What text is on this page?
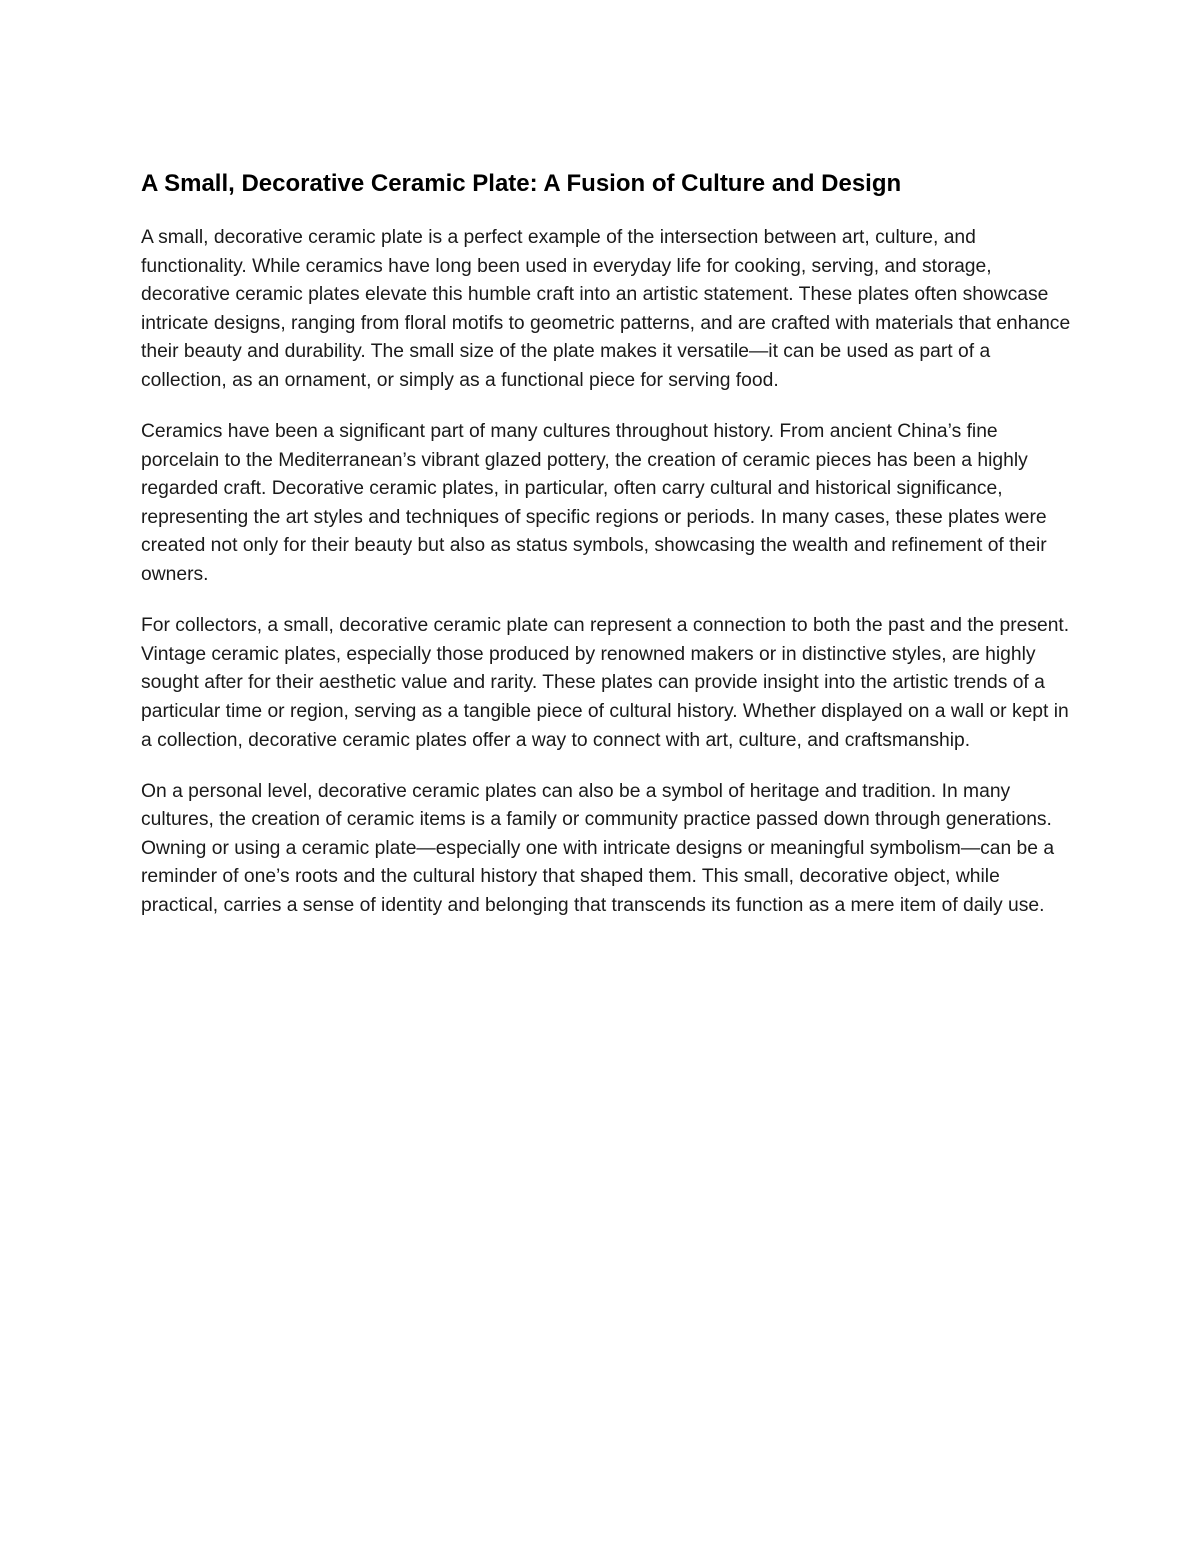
A Small, Decorative Ceramic Plate: A Fusion of Culture and Design

A small, decorative ceramic plate is a perfect example of the intersection between art, culture, and functionality. While ceramics have long been used in everyday life for cooking, serving, and storage, decorative ceramic plates elevate this humble craft into an artistic statement. These plates often showcase intricate designs, ranging from floral motifs to geometric patterns, and are crafted with materials that enhance their beauty and durability. The small size of the plate makes it versatile—it can be used as part of a collection, as an ornament, or simply as a functional piece for serving food.

Ceramics have been a significant part of many cultures throughout history. From ancient China’s fine porcelain to the Mediterranean’s vibrant glazed pottery, the creation of ceramic pieces has been a highly regarded craft. Decorative ceramic plates, in particular, often carry cultural and historical significance, representing the art styles and techniques of specific regions or periods. In many cases, these plates were created not only for their beauty but also as status symbols, showcasing the wealth and refinement of their owners.

For collectors, a small, decorative ceramic plate can represent a connection to both the past and the present. Vintage ceramic plates, especially those produced by renowned makers or in distinctive styles, are highly sought after for their aesthetic value and rarity. These plates can provide insight into the artistic trends of a particular time or region, serving as a tangible piece of cultural history. Whether displayed on a wall or kept in a collection, decorative ceramic plates offer a way to connect with art, culture, and craftsmanship.

On a personal level, decorative ceramic plates can also be a symbol of heritage and tradition. In many cultures, the creation of ceramic items is a family or community practice passed down through generations. Owning or using a ceramic plate—especially one with intricate designs or meaningful symbolism—can be a reminder of one’s roots and the cultural history that shaped them. This small, decorative object, while practical, carries a sense of identity and belonging that transcends its function as a mere item of daily use.
